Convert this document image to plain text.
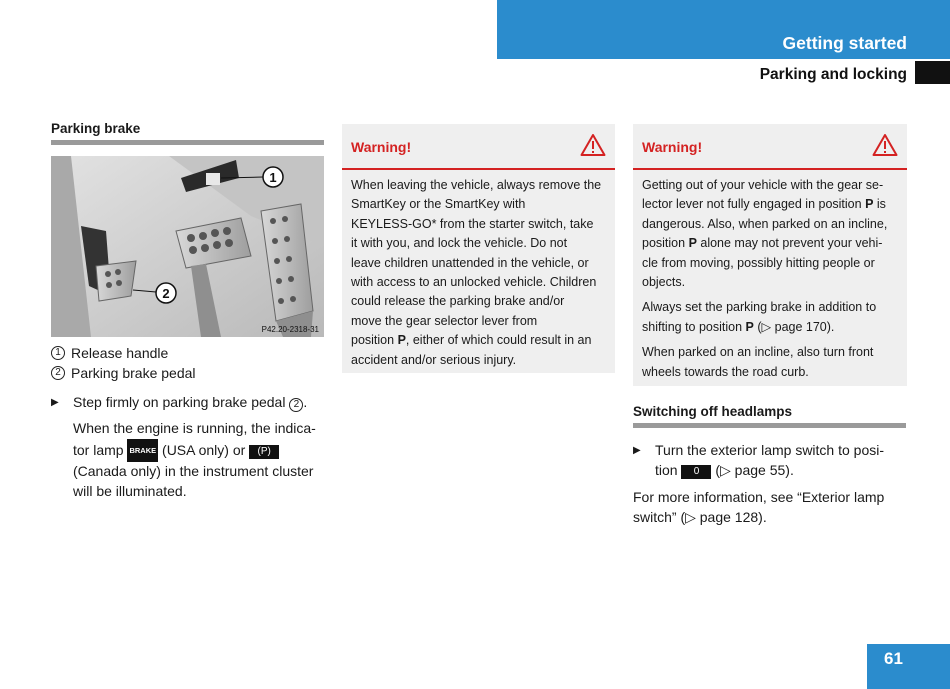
Getting started
Parking and locking
Parking brake
1
2
P42.20-2318-31
1 Release handle
2 Parking brake pedal
▶	Step firmly on parking brake pedal 2 .
When the engine is running, the indica-
tor lamp BRAKE (USA only) or (P)
(Canada only) in the instrument cluster
will be illuminated.
Warning!
When leaving the vehicle, always remove the
SmartKey or the SmartKey with
KEYLESS-GO* from the starter switch, take
it with you, and lock the vehicle. Do not
leave children unattended in the vehicle, or
with access to an unlocked vehicle. Children
could release the parking brake and/or
move the gear selector lever from
position P, either of which could result in an
accident and/or serious injury.
Warning!

Getting out of your vehicle with the gear se-
lector lever not fully engaged in position P is
dangerous. Also, when parked on an incline,
position P alone may not prevent your vehi-
cle from moving, possibly hitting people or
objects.

Always set the parking brake in addition to
shifting to position P (▷ page 170).

When parked on an incline, also turn front
wheels towards the road curb.

Switching off headlamps
▶	Turn the exterior lamp switch to posi-
tion 0 (▷ page 55).
For more information, see “Exterior lamp
switch” (▷ page 128).
61
